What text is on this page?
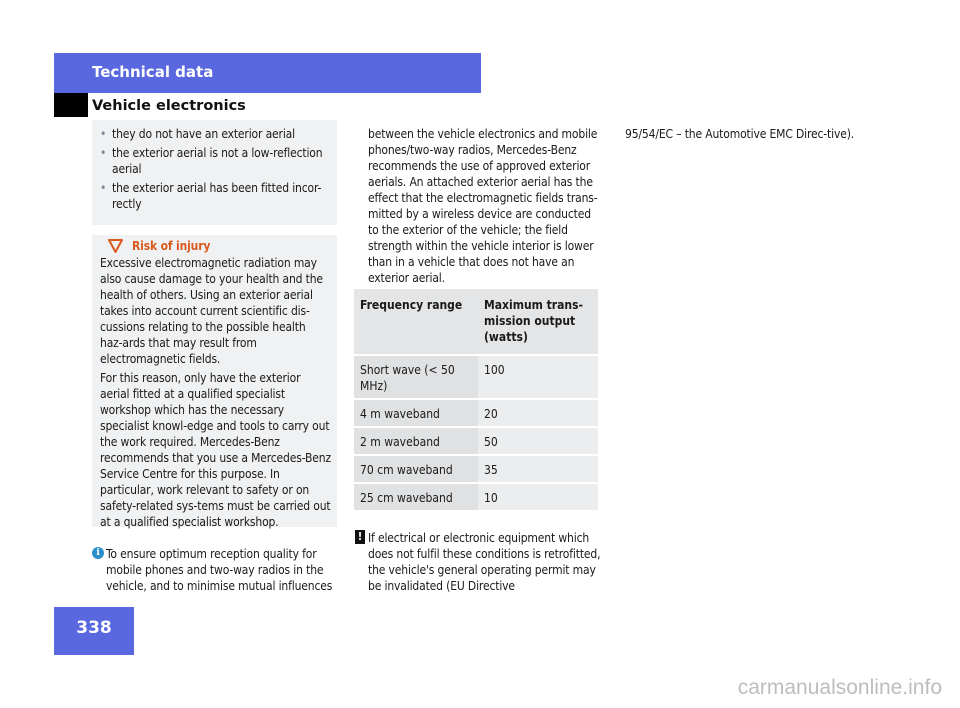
Technical data
Vehicle electronics
• they do not have an exterior aerial
• the exterior aerial is not a low-reflection aerial
• the exterior aerial has been fitted incor-rectly
Risk of injury

Excessive electromagnetic radiation may also cause damage to your health and the health of others. Using an exterior aerial takes into account current scientific dis-cussions relating to the possible health haz-ards that may result from electromagnetic fields.

For this reason, only have the exterior aerial fitted at a qualified specialist workshop which has the necessary specialist knowl-edge and tools to carry out the work required. Mercedes-Benz recommends that you use a Mercedes-Benz Service Centre for this purpose. In particular, work relevant to safety or on safety-related sys-tems must be carried out at a qualified specialist workshop.

i To ensure optimum reception quality for mobile phones and two-way radios in the vehicle, and to minimise mutual influences

between the vehicle electronics and mobile phones/two-way radios, Mercedes-Benz recommends the use of approved exterior aerials. An attached exterior aerial has the effect that the electromagnetic fields trans-mitted by a wireless device are conducted to the exterior of the vehicle; the field strength within the vehicle interior is lower than in a vehicle that does not have an exterior aerial.

Frequency range	Maximum trans-mission output (watts)
Short wave (< 50 MHz)	100
4 m waveband	20
2 m waveband	50
70 cm waveband	35
25 cm waveband	10
! If electrical or electronic equipment which does not fulfil these conditions is retrofitted, the vehicle's general operating permit may be invalidated (EU Directive

95/54/EC – the Automotive EMC Direc-tive).

338
carmanualsonline.info
